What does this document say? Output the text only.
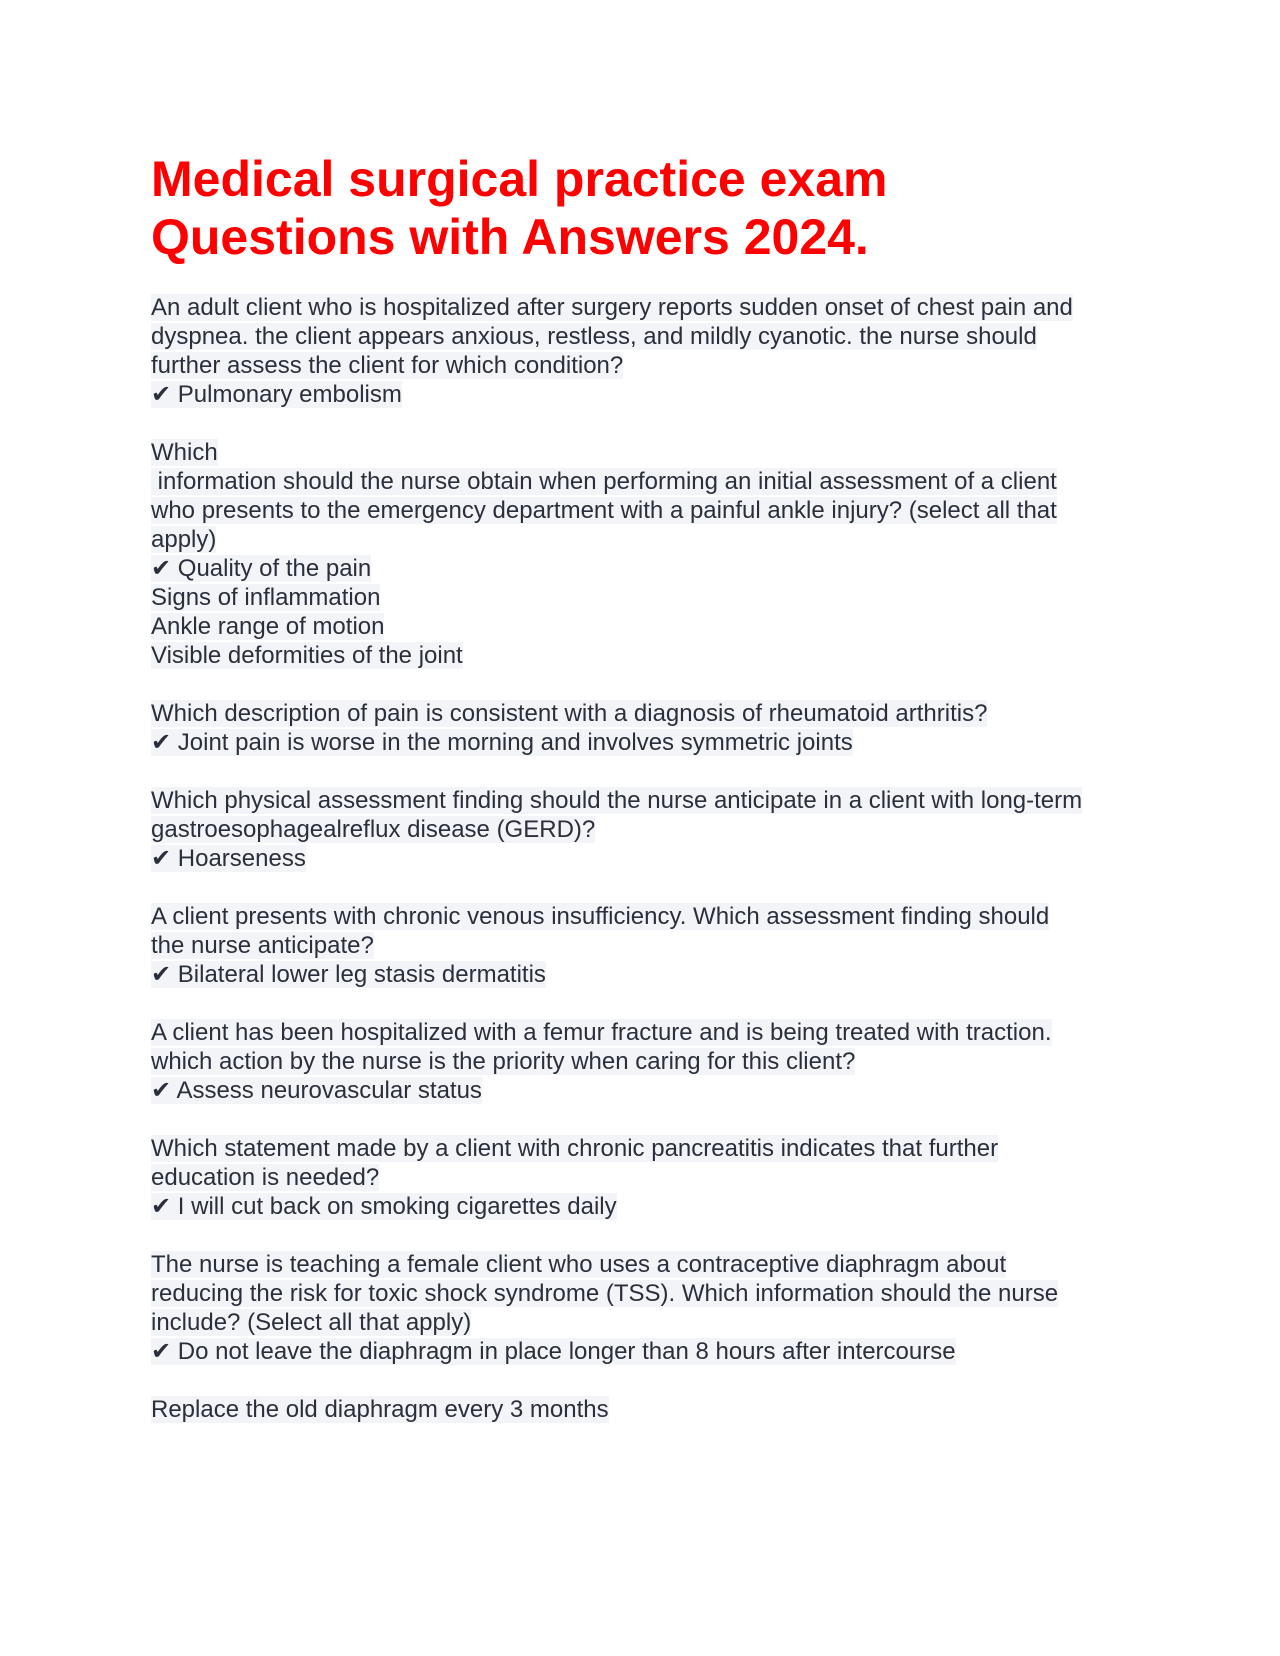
Medical surgical practice exam
Questions with Answers 2024.
An adult client who is hospitalized after surgery reports sudden onset of chest pain and
dyspnea. the client appears anxious, restless, and mildly cyanotic. the nurse should
further assess the client for which condition?
✔ Pulmonary embolism
Which
information should the nurse obtain when performing an initial assessment of a client
who presents to the emergency department with a painful ankle injury? (select all that
apply)
✔ Quality of the pain
Signs of inflammation
Ankle range of motion
Visible deformities of the joint
Which description of pain is consistent with a diagnosis of rheumatoid arthritis?
✔ Joint pain is worse in the morning and involves symmetric joints
Which physical assessment finding should the nurse anticipate in a client with long-term
gastroesophagealreflux disease (GERD)?
✔ Hoarseness
A client presents with chronic venous insufficiency. Which assessment finding should
the nurse anticipate?
✔ Bilateral lower leg stasis dermatitis
A client has been hospitalized with a femur fracture and is being treated with traction.
which action by the nurse is the priority when caring for this client?
✔ Assess neurovascular status
Which statement made by a client with chronic pancreatitis indicates that further
education is needed?
✔ I will cut back on smoking cigarettes daily
The nurse is teaching a female client who uses a contraceptive diaphragm about
reducing the risk for toxic shock syndrome (TSS). Which information should the nurse
include? (Select all that apply)
✔ Do not leave the diaphragm in place longer than 8 hours after intercourse
Replace the old diaphragm every 3 months
